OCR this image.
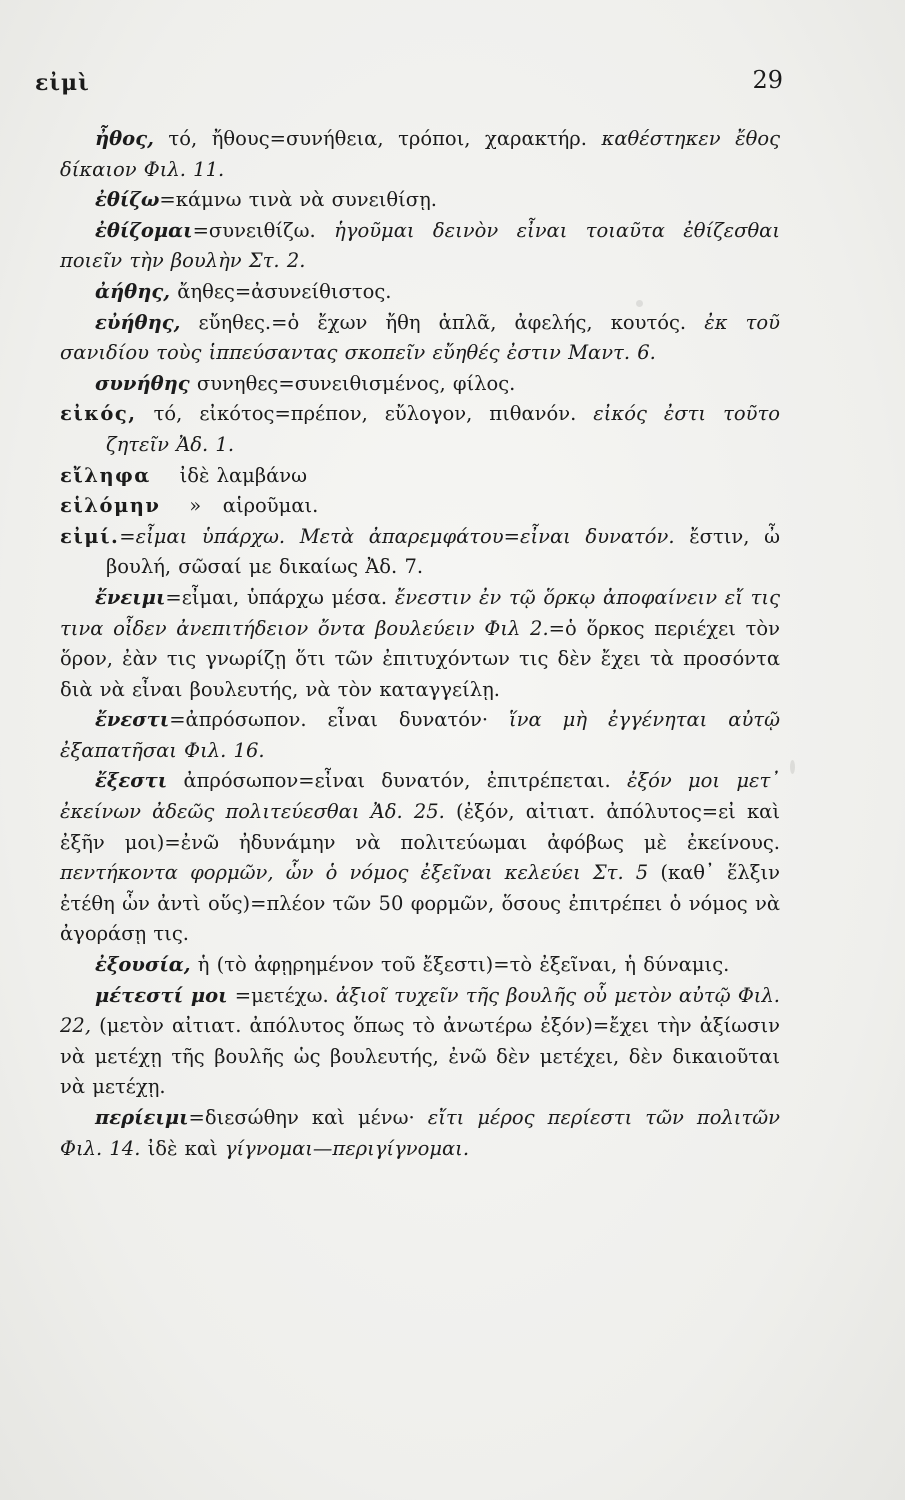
εἰμὶ	29

ἦθος, τό, ἤθους=συνήθεια, τρόποι, χαρακτήρ. καθέστηκεν ἔθος δίκαιον Φιλ. 11.

ἐθίζω=κάμνω τινὰ νὰ συνειθίσῃ.

ἐθίζομαι=συνειθίζω. ἡγοῦμαι δεινὸν εἶναι τοιαῦτα ἐθίζεσθαι ποιεῖν τὴν βουλὴν Στ. 2.

ἀήθης, ἄηθες=ἀσυνείθιστος.

εὐήθης, εὔηθες.=ὁ ἔχων ἤθη ἁπλᾶ, ἀφελής, κουτός. ἐκ τοῦ σανιδίου τοὺς ἱππεύσαντας σκοπεῖν εὔηθές ἐστιν Μαντ. 6.

συνήθης συνηθες=συνειθισμένος, φίλος.

εἰκός, τό, εἰκότος=πρέπον, εὔλογον, πιθανόν. εἰκός ἐστι τοῦτο ζητεῖν Ἀδ. 1.

εἴληφα    ἰδὲ λαμβάνω

εἱλόμην    »   αἱροῦμαι.

εἰμί.=εἶμαι ὑπάρχω. Μετὰ ἀπαρεμφάτου=εἶναι δυνατόν. ἔστιν, ὦ βουλή, σῶσαί με δικαίως Ἀδ. 7.

ἔνειμι=εἶμαι, ὑπάρχω μέσα. ἔνεστιν ἐν τῷ ὅρκῳ ἀποφαίνειν εἴ τις τινα οἶδεν ἀνεπιτήδειον ὄντα βουλεύειν Φιλ 2.=ὁ ὅρκος περιέχει τὸν ὅρον, ἐὰν τις γνωρίζῃ ὅτι τῶν ἐπιτυχόντων τις δὲν ἔχει τὰ προσόντα διὰ νὰ εἶναι βουλευτής, νὰ τὸν καταγγείλῃ.

ἔνεστι=ἀπρόσωπον. εἶναι δυνατόν· ἵνα μὴ ἐγγένηται αὐτῷ ἐξαπατῆσαι Φιλ. 16.

ἔξεστι ἀπρόσωπον=εἶναι δυνατόν, ἐπιτρέπεται. ἐξόν μοι μετ᾽ ἐκείνων ἀδεῶς πολιτεύεσθαι Ἀδ. 25. (ἐξόν, αἰτιατ. ἀπόλυτος=εἰ καὶ ἐξῆν μοι)=ἐνῶ ἠδυνάμην νὰ πολιτεύωμαι ἀφόβως μὲ ἐκείνους. πεντήκοντα φορμῶν, ὧν ὁ νόμος ἐξεῖναι κελεύει Στ. 5 (καθ᾽ ἕλξιν ἐτέθη ὧν ἀντὶ οὕς)=πλέον τῶν 50 φορμῶν, ὅσους ἐπιτρέπει ὁ νόμος νὰ ἀγοράσῃ τις.

ἐξουσία, ἡ (τὸ ἀφῃρημένον τοῦ ἔξεστι)=τὸ ἐξεῖναι, ἡ δύναμις.

μέτεστί μοι =μετέχω. ἀξιοῖ τυχεῖν τῆς βουλῆς οὗ μετὸν αὐτῷ Φιλ. 22, (μετὸν αἰτιατ. ἀπόλυτος ὅπως τὸ ἀνωτέρω ἐξόν)=ἔχει τὴν ἀξίωσιν νὰ μετέχῃ τῆς βουλῆς ὡς βουλευτής, ἐνῶ δὲν μετέχει, δὲν δικαιοῦται νὰ μετέχῃ.

περίειμι=διεσώθην καὶ μένω· εἴτι μέρος περίεστι τῶν πολιτῶν Φιλ. 14. ἰδὲ καὶ γίγνομαι—περιγίγνομαι.
